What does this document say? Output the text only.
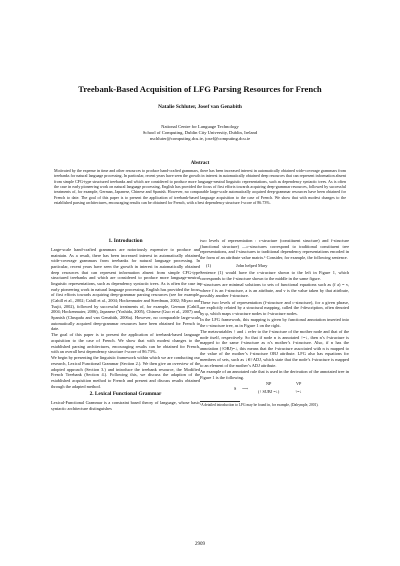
Treebank-Based Acquisition of LFG Parsing Resources for French
Natalie Schluter, Josef van Genabith
National Centre for Language Technology
School of Computing, Dublin City University, Dublin, Ireland
nschluter@computing.dcu.ie, josef@computing.dcu.ie
Abstract
Motivated by the expense in time and other resources to produce hand-crafted grammars, there has been increased interest in automatically obtained wide-coverage grammars from treebanks for natural language processing. In particular, recent years have seen the growth in interest in automatically obtained deep resources that can represent information absent from simple CFG-type structured treebanks and which are considered to produce more language-neutral linguistic representations, such as dependency syntactic trees. As is often the case in early pioneering work on natural language processing, English has provided the focus of first efforts towards acquiring deep-grammar resources, followed by successful treatments of, for example, German, Japanese, Chinese and Spanish. However, no comparable large-scale automatically acquired deep-grammar resources have been obtained for French to date. The goal of this paper is to present the application of treebank-based language acquisition to the case of French. We show that with modest changes to the established parsing architectures, encouraging results can be obtained for French, with a best dependency structure f-score of 86.73%.
1. Introduction

Large-scale hand-crafted grammars are notoriously expensive to produce and maintain. As a result, there has been increased interest in automatically obtained wide-coverage grammars from treebanks for natural language processing. In particular, recent years have seen the growth in interest in automatically obtained deep resources that can represent information absent from simple CFG-type structured treebanks and which are considered to produce more language-neutral linguistic representations, such as dependency syntactic trees. As is often the case in early pioneering work in natural language processing, English has provided the focus of first efforts towards acquiring deep-grammar parsing resources (see for example, (Cahill et al., 2002; Cahill et al., 2004; Hockenmaier and Steedman, 2002; Miyao and Tsujii, 2002), followed by successful treatments of, for example, German (Cahill, 2004; Hockenmaier, 2006), Japanese (Yoshida, 2005), Chinese (Guo et al., 2007) and Spanish (Chrupała and van Genabith, 2006a). However, no comparable large-scale automatically acquired deep-grammar resources have been obtained for French to date.

The goal of this paper is to present the application of treebank-based language acquisition to the case of French. We show that with modest changes to the established parsing architectures, encouraging results can be obtained for French, with an overall best dependency structure f-score of 86.73%.

We begin by presenting the linguistic framework within which we are conducting our research, Lexical Functional Grammar (Section 2.). We then give an overview of the adopted approach (Section 3.) and introduce the treebank resource, the Modified French Treebank (Section 4.). Following this, we discuss the adaption of the established acquisition method to French and present and discuss results obtained through the adapted method.

2. Lexical Functional Grammar

Lexical-Functional Grammar is a constraint based theory of language, whose basic syntactic architecture distinguishes

two levels of representation : c-structure (constituent structure) and f-structure (functional structure) —c-structures correspond to traditional constituent tree representations, and f-structures to traditional dependency representations encoded in the form of an attribute value matrix.¹ Consider, for example, the following sentence.

(1)	John helped Mary

Sentence (1) would have the c-structure shown to the left in Figure 1, which corresponds to the f-structure shown to the middle in the same figure.

F-structures are minimal solutions to sets of functional equations such as (f a) = v, where f is an f-structure, a is an attribute, and v is the value taken by that attribute, possibly another f-structure.

These two levels of representation (f-structure and c-structure), for a given phrase, are explicitly related by a structural mapping, called the f-description, often denoted by φ, which maps c-structure nodes to f-structure nodes.

In the LFG framework, this mapping is given by functional annotation inserted into the c-structure tree, as in Figure 1 on the right.

The metavariables ↑ and ↓ refer to the f-structure of the mother node and that of the node itself, respectively. So that if node n is annotated ↑=↓, then n’s f-structure is mapped to the same f-structure as n’s mother’s f-structure. Also, if n has the annotation (↑OBJ)=↓, this means that the f-structure associated with n is mapped to the value of the mother’s f-structure OBJ attribute. LFG also has equations for members of sets, such as ↓∈↑ADJ, which state that the node’s f-structure is mapped to an element of the mother’s ADJ attribute.

An example of an annotated rule that is used in the derivation of the annotated tree in Figure 1 is the following.

S ⟶
NP	VP
(↑ SUBJ =↓)	↑=↓
¹A detailed introduction to LFG may be found in, for example, (Dalrymple, 2001).
2909
